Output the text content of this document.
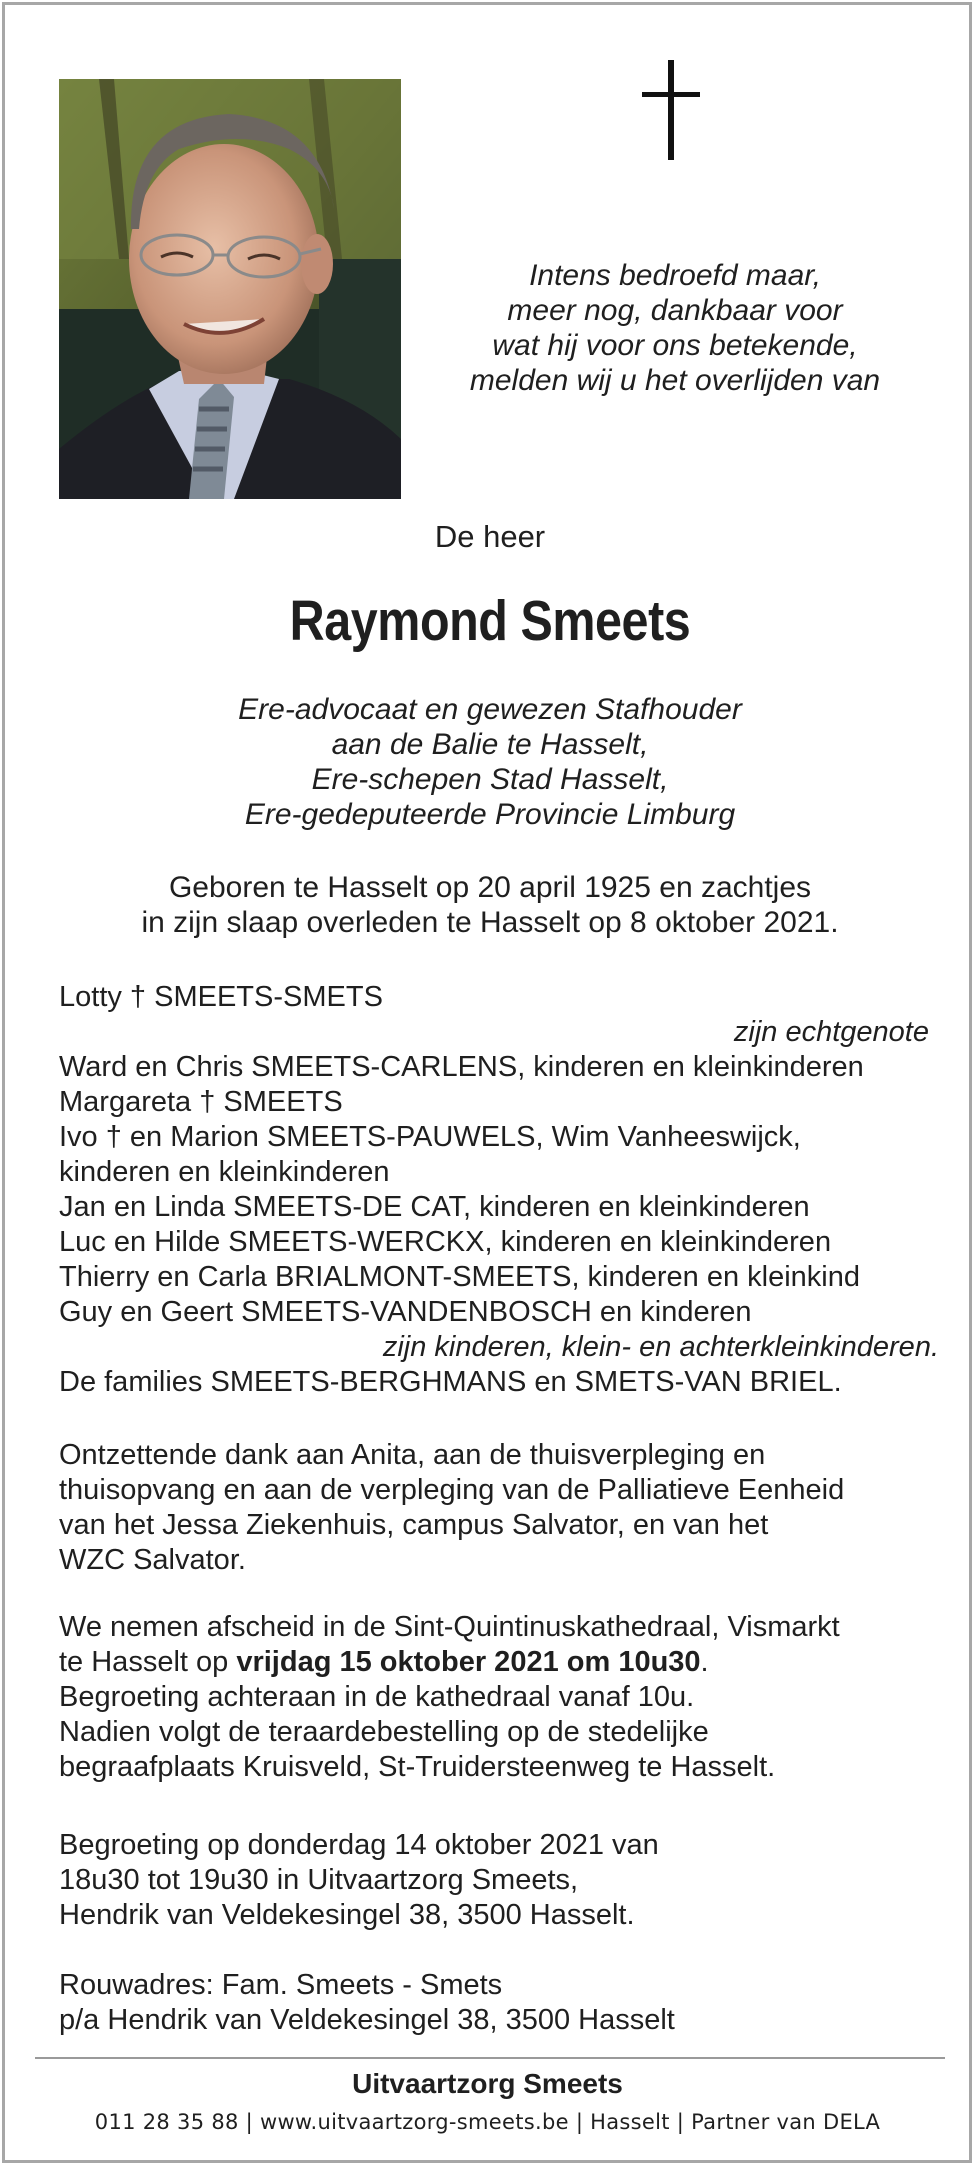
Intens bedroefd maar,
meer nog, dankbaar voor
wat hij voor ons betekende,
melden wij u het overlijden van
De heer
Raymond Smeets
Ere-advocaat en gewezen Stafhouder
aan de Balie te Hasselt,
Ere-schepen Stad Hasselt,
Ere-gedeputeerde Provincie Limburg
Geboren te Hasselt op 20 april 1925 en zachtjes
in zijn slaap overleden te Hasselt op 8 oktober 2021.
Lotty † SMEETS-SMETS
zijn echtgenote
Ward en Chris SMEETS-CARLENS, kinderen en kleinkinderen
Margareta † SMEETS
Ivo † en Marion SMEETS-PAUWELS, Wim Vanheeswijck,
kinderen en kleinkinderen
Jan en Linda SMEETS-DE CAT, kinderen en kleinkinderen
Luc en Hilde SMEETS-WERCKX, kinderen en kleinkinderen
Thierry en Carla BRIALMONT-SMEETS, kinderen en kleinkind
Guy en Geert SMEETS-VANDENBOSCH en kinderen
zijn kinderen, klein- en achterkleinkinderen.
De families SMEETS-BERGHMANS en SMETS-VAN BRIEL.
Ontzettende dank aan Anita, aan de thuisverpleging en
thuisopvang en aan de verpleging van de Palliatieve Eenheid
van het Jessa Ziekenhuis, campus Salvator, en van het
WZC Salvator.
We nemen afscheid in de Sint-Quintinuskathedraal, Vismarkt
te Hasselt op vrijdag 15 oktober 2021 om 10u30.
Begroeting achteraan in de kathedraal vanaf 10u.
Nadien volgt de teraardebestelling op de stedelijke
begraafplaats Kruisveld, St-Truidersteenweg te Hasselt.
Begroeting op donderdag 14 oktober 2021 van
18u30 tot 19u30 in Uitvaartzorg Smeets,
Hendrik van Veldekesingel 38, 3500 Hasselt.
Rouwadres: Fam. Smeets - Smets
p/a Hendrik van Veldekesingel 38, 3500 Hasselt
Uitvaartzorg Smeets
011 28 35 88 | www.uitvaartzorg-smeets.be | Hasselt | Partner van DELA
